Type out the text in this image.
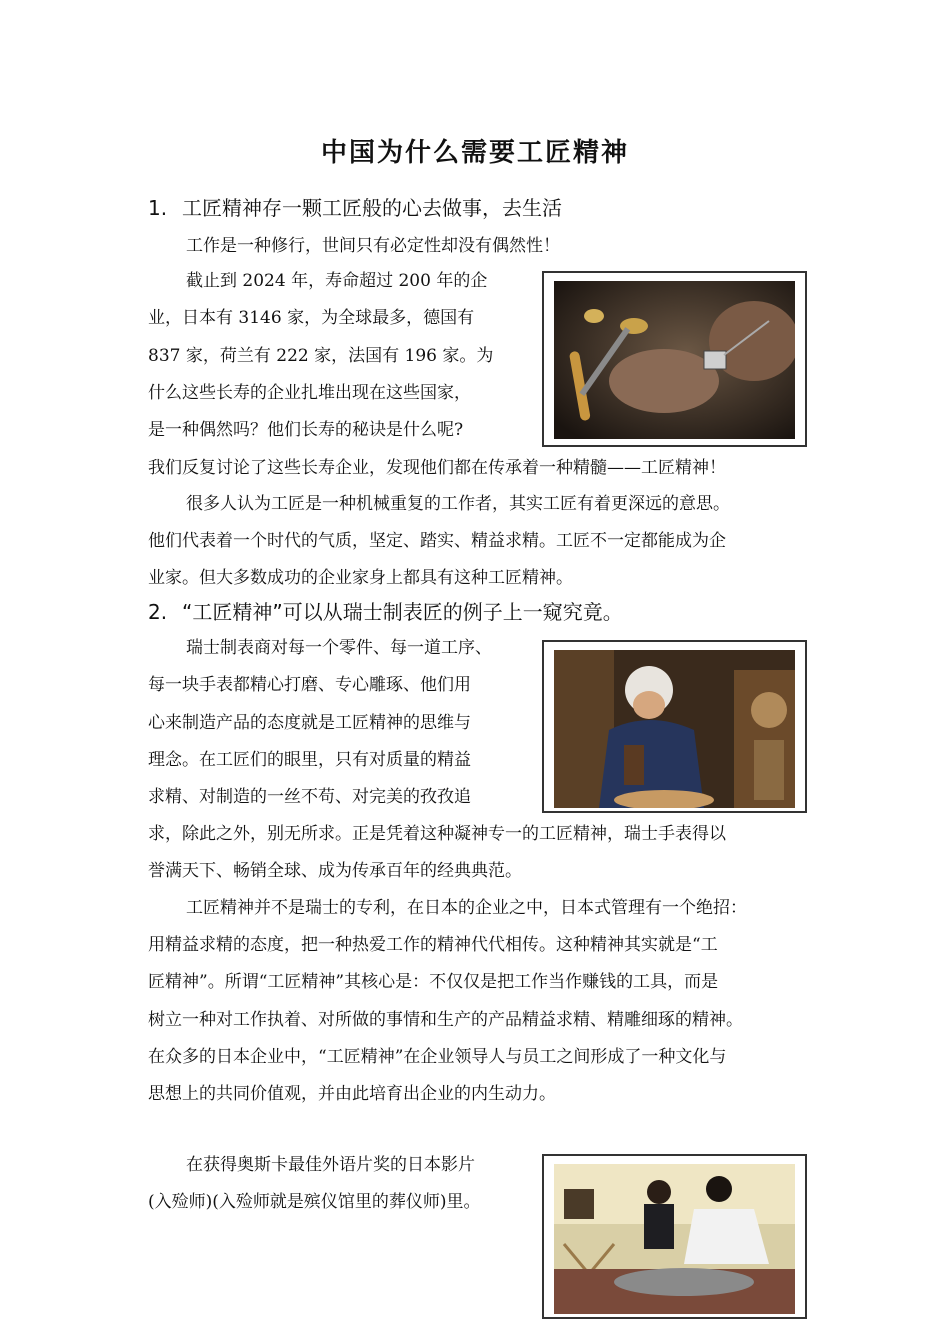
中国为什么需要工匠精神
1. 工匠精神存一颗工匠般的心去做事，去生活
工作是一种修行，世间只有必定性却没有偶然性！
截止到 2024 年，寿命超过 200 年的企
业，日本有 3146 家，为全球最多，德国有
837 家，荷兰有 222 家，法国有 196 家。为
什么这些长寿的企业扎堆出现在这些国家，
是一种偶然吗？他们长寿的秘诀是什么呢?
我们反复讨论了这些长寿企业，发现他们都在传承着一种精髓——工匠精神！
很多人认为工匠是一种机械重复的工作者，其实工匠有着更深远的意思。
他们代表着一个时代的气质，坚定、踏实、精益求精。工匠不一定都能成为企
业家。但大多数成功的企业家身上都具有这种工匠精神。
2. “工匠精神”可以从瑞士制表匠的例子上一窥究竟。
瑞士制表商对每一个零件、每一道工序、
每一块手表都精心打磨、专心雕琢、他们用
心来制造产品的态度就是工匠精神的思维与
理念。在工匠们的眼里，只有对质量的精益
求精、对制造的一丝不苟、对完美的孜孜追
求，除此之外，别无所求。正是凭着这种凝神专一的工匠精神，瑞士手表得以
誉满天下、畅销全球、成为传承百年的经典典范。
工匠精神并不是瑞士的专利，在日本的企业之中，日本式管理有一个绝招：
用精益求精的态度，把一种热爱工作的精神代代相传。这种精神其实就是“工
匠精神”。所谓“工匠精神”其核心是：不仅仅是把工作当作赚钱的工具，而是
树立一种对工作执着、对所做的事情和生产的产品精益求精、精雕细琢的精神。
在众多的日本企业中，“工匠精神”在企业领导人与员工之间形成了一种文化与
思想上的共同价值观，并由此培育出企业的内生动力。
在获得奥斯卡最佳外语片奖的日本影片
(入殓师)(入殓师就是殡仪馆里的葬仪师)里。
